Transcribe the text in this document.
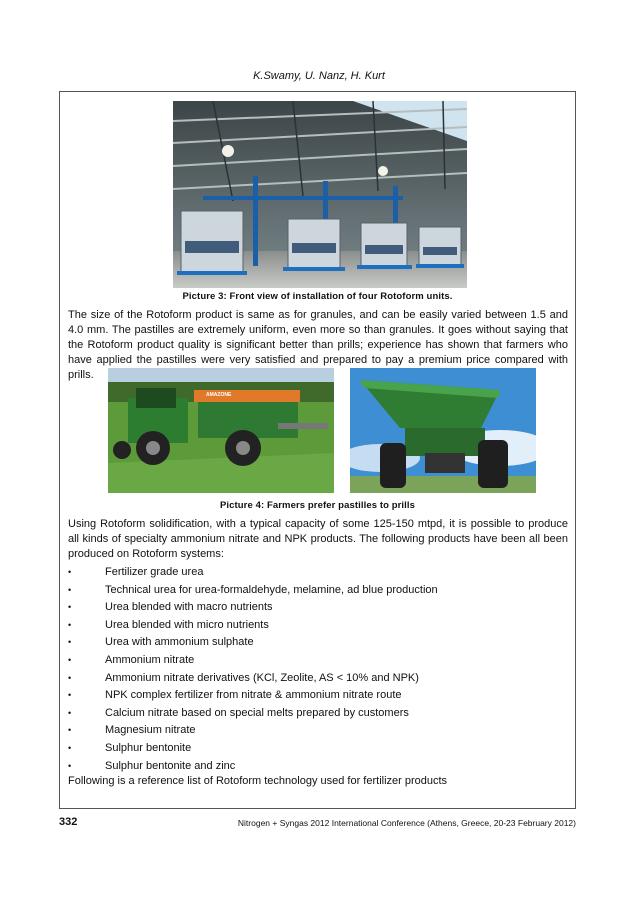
K.Swamy, U. Nanz, H. Kurt
Picture 3: Front view of installation of four Rotoform units.

The size of the Rotoform product is same as for granules, and can be easily varied between 1.5 and 4.0 mm. The pastilles are extremely uniform, even more so than granules. It goes without saying that the Rotoform product quality is significant better than prills; experience has shown that farmers who have applied the pastilles were very satisfied and prepared to pay a premium price compared with prills.

AMAZONE
Picture 4: Farmers prefer pastilles to prills

Using Rotoform solidification, with a typical capacity of some 125-150 mtpd, it is possible to produce all kinds of specialty ammonium nitrate and NPK products. The following products have been all been produced on Rotoform systems:

•	Fertilizer grade urea
•	Technical urea for urea-formaldehyde, melamine, ad blue production
•	Urea blended with macro nutrients
•	Urea blended with micro nutrients
•	Urea with ammonium sulphate
•	Ammonium nitrate
•	Ammonium nitrate derivatives (KCl, Zeolite, AS < 10% and NPK)
•	NPK complex fertilizer from nitrate & ammonium nitrate route
•	Calcium nitrate based on special melts prepared by customers
•	Magnesium nitrate
•	Sulphur bentonite
•	Sulphur bentonite and zinc

Following is a reference list of Rotoform technology used for fertilizer products

332	Nitrogen + Syngas 2012 International Conference (Athens, Greece, 20-23 February 2012)
